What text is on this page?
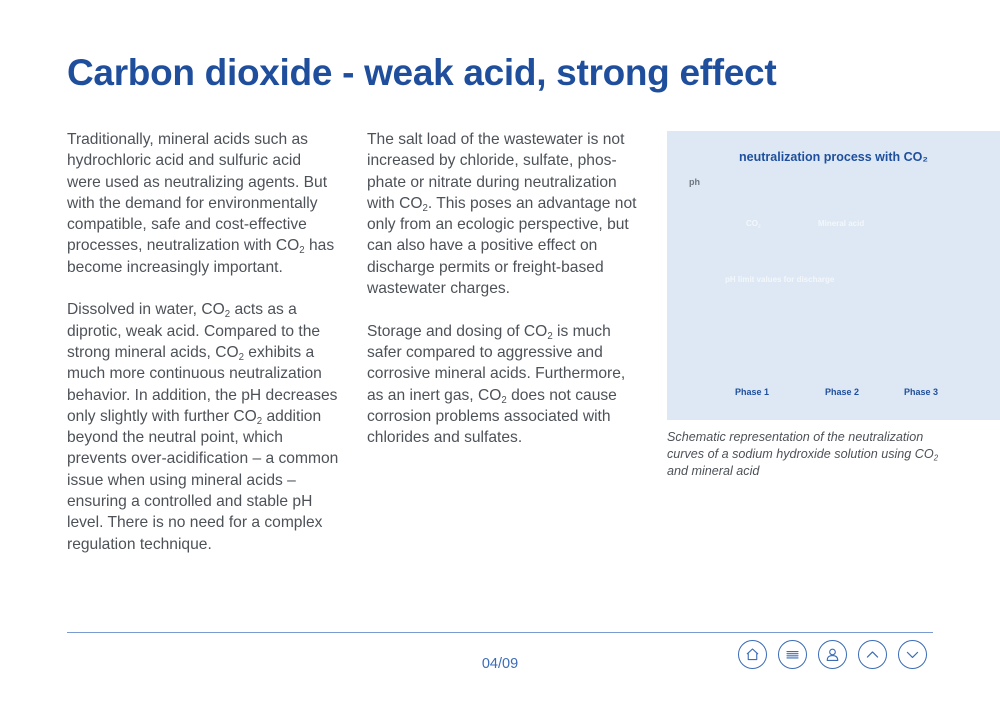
Carbon dioxide - weak acid, strong effect

Traditionally, mineral acids such as hydrochloric acid and sulfuric acid were used as neutralizing agents. But with the demand for environmentally compatible, safe and cost-effective processes, neutralization with $CO_2$ has become increasingly important.

Dissolved in water, $CO_2$ acts as a diprotic, weak acid. Compared to the strong mineral acids, $CO_2$ exhibits a much more continuous neutralization behavior. In addition, the pH decreases only slightly with further $CO_2$ addition beyond the neutral point, which prevents over-acidification – a common issue when using mineral acids – ensuring a controlled and stable pH level. There is no need for a complex regulation technique.

The salt load of the wastewater is not increased by chloride, sulfate, phosphate or nitrate during neutralization with $CO_2$. This poses an advantage not only from an ecologic perspective, but can also have a positive effect on discharge permits or freight-based wastewater charges.

Storage and dosing of $CO_2$ is much safer compared to aggressive and corrosive mineral acids. Furthermore, as an inert gas, $CO_2$ does not cause corrosion problems associated with chlorides and sulfates.

neutralization process with CO₂
ph
$CO_2$	Mineral acid
pH limit values for discharge
Phase 1	Phase 2	Phase 3
Schematic representation of the neutralization curves of a sodium hydroxide solution using $CO_2$ and mineral acid
04/09
